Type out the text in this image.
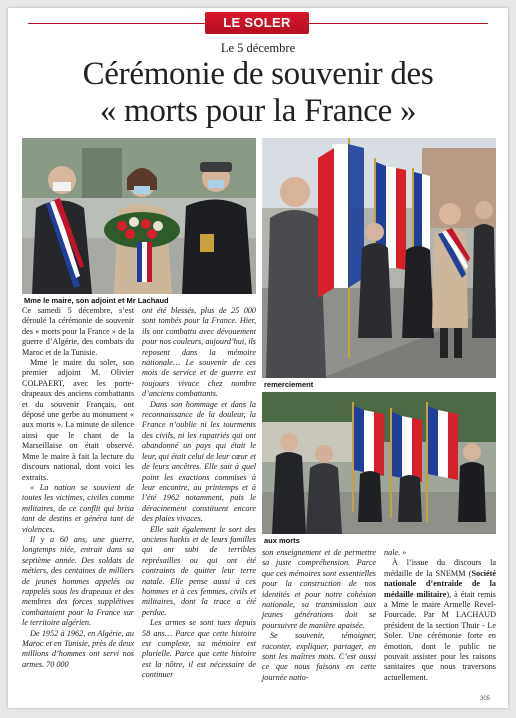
LE SOLER
Le 5 décembre
Cérémonie de souvenir des
« morts pour la France »
Mme le maire, son adjoint et Mr Lachaud
remerciement
aux morts

Ce samedi 5 décembre, s’est déroulé la cérémonie de souvenir des « morts pour la France » de la guerre d’Algérie, des combats du Maroc et de la Tunisie.

Mme le maire du soler, son premier adjoint M. Olivier COLPAERT, avec les porte-drapeaux des anciens combattants et du souvenir Français, ont déposé une gerbe au monument « aux morts ». La minute de silence ainsi que le chant de la Marseillaise on était observé. Mme le maire à fait la lecture du discours national, dont voici les extraits.

« La nation se souvient de toutes les victimes, civiles comme militaires, de ce conflit qui brisa tant de destins et généra tant de violences.

Il y a 60 ans, une guerre, longtemps niée, entrait dans sa septième année. Des soldats de métiers, des centaines de milliers de jeunes hommes appelés ou rappelés sous les drapeaux et des membres des forces supplétives combattaient pour la France sur le territoire algérien.

De 1952 à 1962, en Algérie, au Maroc et en Tunisie, près de deux millions d’hommes ont servi nos armes. 70 000

ont été blessés, plus de 25 000 sont tombés pour la France. Hier, ils ont combattu avec dévouement pour nos couleurs, aujourd’hui, ils reposent dans la mémoire nationale… Le souvenir de ces mois de service et de guerre est toujours vivace chez nombre d’anciens combattants.

Dans son hommage et dans la reconnaissance de la douleur, la France n’oublie ni les tourments des civils, ni les rapatriés qui ont abandonné un pays qui était le leur, qui était celui de leur cœur et de leurs ancêtres. Elle sait à quel point les exactions commises à leur encontre, au printemps et à l’été 1962 notamment, puis le déracinement constituent encore des plaies vivaces.

Elle sait également le sort des anciens harkis et de leurs familles qui ont subi de terribles représailles ou qui ont été contraints de quitter leur terre natale. Elle pense aussi à ces hommes et à ces femmes, civils et militaires, dont la trace a été perdue.

Les armes se sont tues depuis 58 ans… Parce que cette histoire est complexe, sa mémoire est plurielle. Parce que cette histoire est la nôtre, il est nécessaire de continuer

son enseignement et de permettre sa juste compréhension. Parce que ces mémoires sont essentielles pour la construction de nos identités et pour notre cohésion nationale, sa transmission aux jeunes générations doit se poursuivre de manière apaisée.

Se souvenir, témoigner, raconter, expliquer, partager, en sont les maîtres mots. C’est aussi ce que nous faisons en cette journée natio-

nale. »

À l’issue du discours la médaille de la SNEMM (Société nationale d’entraide de la médaille militaire), à était remis a Mme le maire Armelle Revel-Fourcade. Par M LACHAUD président de la section Thuir - Le Soler. Une cérémonie forte en émotion, dont le public ne pouvait assister pour les raisons sanitaires que nous traversons actuellement.

305
